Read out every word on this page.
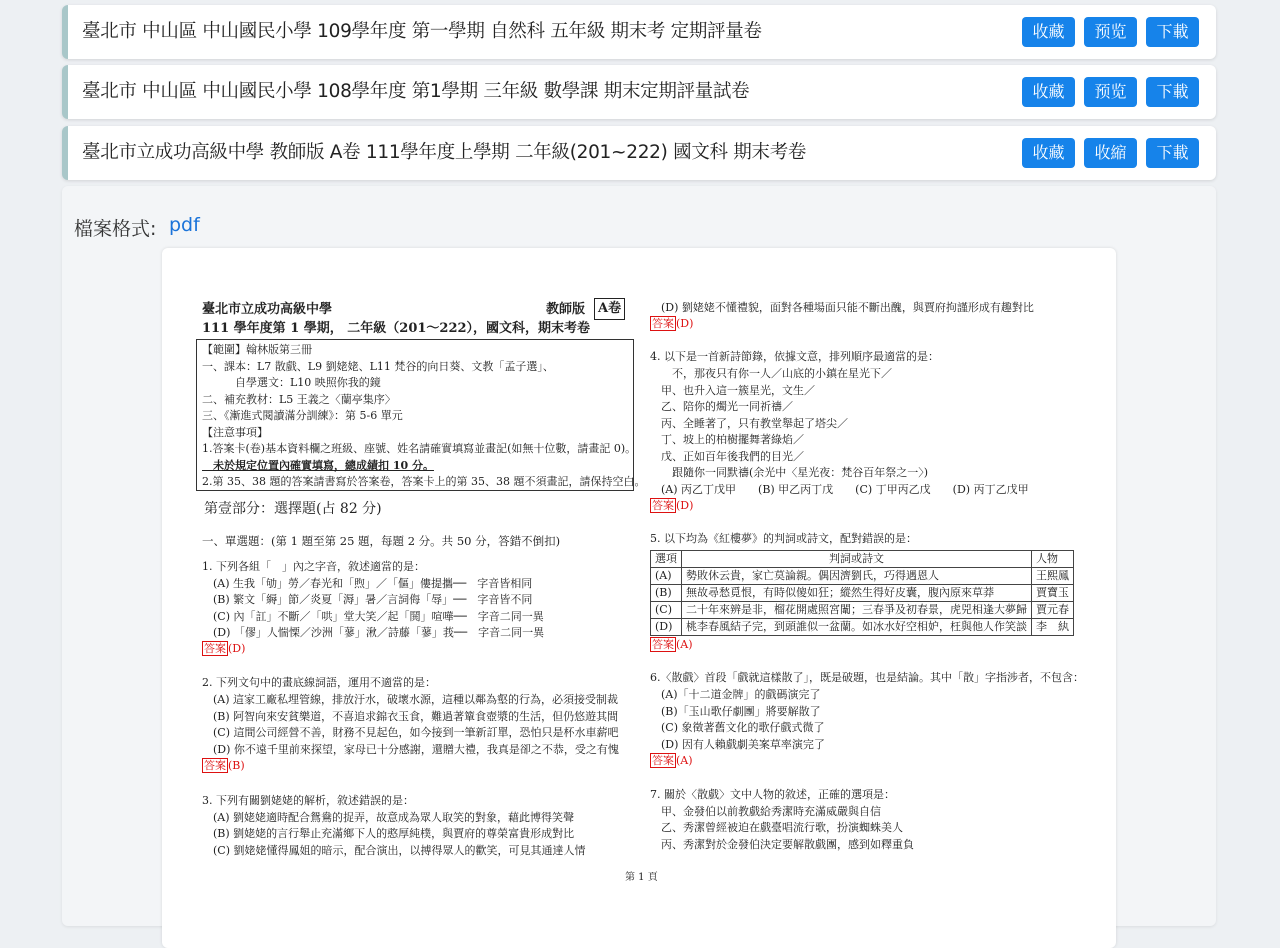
臺北市 中山區 中山國民小學 109學年度 第一學期 自然科 五年級 期末考 定期評量卷	收藏	预览	下載
臺北市 中山區 中山國民小學 108學年度 第1學期 三年級 數學課 期末定期評量試卷	收藏	预览	下載
臺北市立成功高級中學 教師版 A卷 111學年度上學期 二年級(201~222) 國文科 期末考卷	收藏	收縮	下載
檔案格式: pdf
臺北市立成功高級中學	教師版 A卷
111 學年度第 1 學期， 二年級（201～222），國文科，期末考卷
【範圍】翰林版第三冊
一、課本：L7 散戲、L9 劉姥姥、L11 梵谷的向日葵、文教「孟子選」、
　　　自學選文：L10 映照你我的鏡
二、補充教材：L5 王義之〈蘭亭集序〉
三、《漸進式閱讀滿分訓練》：第 5-6 單元
【注意事項】
1.答案卡(卷)基本資料欄之班級、座號、姓名請確實填寫並畫記(如無十位數，請畫記 0)。
　未於規定位置內確實填寫，總成績扣 10 分。
2.第 35、38 題的答案請書寫於答案卷，答案卡上的第 35、38 題不須畫記，請保持空白。
第壹部分：選擇題(占 82 分)
一、單選題：(第 1 題至第 25 題，每題 2 分。共 50 分，答錯不倒扣)
1. 下列各組「　」內之字音，敘述適當的是：
　(A) 生我「劬」勞／春光和「煦」／「傴」僂提攜──　字音皆相同
　(B) 繁文「縟」節／炎夏「溽」暑／言詞侮「辱」──　字音皆不同
　(C) 內「訌」不斷／「哄」堂大笑／起「鬨」喧嘩──　字音二同一異
　(D) 「僇」人惴慄／沙洲「蓼」湫／詩藤「蓼」莪──　字音二同一異
答案 (D)
2. 下列文句中的畫底線詞語，運用不適當的是：
　(A) 這家工廠私埋管線，排放汙水，破壞水源，這種以鄰為壑的行為，必須接受制裁
　(B) 阿智向來安貧樂道，不喜追求錦衣玉食，難過著簞食壺漿的生活，但仍悠遊其間
　(C) 這間公司經營不善，財務不見起色，如今接到一筆新訂單，恐怕只是杯水車薪吧
　(D) 你不遠千里前來探望，家母已十分感謝，還贈大禮，我真是卻之不恭，受之有愧
答案 (B)
3. 下列有關劉姥姥的解析，敘述錯誤的是：
　(A) 劉姥姥適時配合鴛鴦的捉弄，故意成為眾人取笑的對象，藉此博得笑聲
　(B) 劉姥姥的言行舉止充滿鄉下人的憨厚純樸，與賈府的尊榮富貴形成對比
　(C) 劉姥姥懂得鳳姐的暗示，配合演出，以搏得眾人的歡笑，可見其通達人情
　(D) 劉姥姥不懂禮貌，面對各種場面只能不斷出醜，與賈府拘謹形成有趣對比
答案 (D)
4. 以下是一首新詩節錄，依據文意，排列順序最適當的是：
　　不，那夜只有你一人／山底的小鎮在星光下／
　甲、也升入這一簇星光，文生／
　乙、陪你的燭光一同祈禱／
　丙、全睡著了，只有教堂舉起了塔尖／
　丁、坡上的柏樹擺舞著綠焰／
　戊、正如百年後我們的目光／
　　跟隨你一同默禱(余光中〈星光夜：梵谷百年祭之一〉)
　(A) 丙乙丁戊甲　　(B) 甲乙丙丁戊　　(C) 丁甲丙乙戊　　(D) 丙丁乙戊甲
答案 (D)
5. 以下均為《紅樓夢》的判詞或詩文，配對錯誤的是：
選項	判詞或詩文	人物
(A)	勢敗休云貴，家亡莫論親。偶因濟劉氏，巧得遇恩人	王熙鳳
(B)	無故尋愁覓恨，有時似傻如狂；縱然生得好皮囊，腹內原來草莽	賈寶玉
(C)	二十年來辨是非，榴花開處照宮闈；三春爭及初春景，虎兕相逢大夢歸	賈元春
(D)	桃李春風結子完，到頭誰似一盆蘭。如冰水好空相妒，枉與他人作笑談	李　紈
答案 (A)
6.〈散戲〉首段「戲就這樣散了」，既是破題，也是結論。其中「散」字指涉者，不包含：
　(A)「十二道金牌」的戲碼演完了
　(B)「玉山歌仔劇團」將要解散了
　(C) 象徵著舊文化的歌仔戲式微了
　(D) 因有人賴戲劇美案草率演完了
答案 (A)
7. 關於〈散戲〉文中人物的敘述，正確的選項是：
　甲、金發伯以前教戲給秀潔時充滿威嚴與自信
　乙、秀潔曾經被迫在戲臺唱流行歌，扮演蜘蛛美人
　丙、秀潔對於金發伯決定要解散戲團，感到如釋重負
第 1 頁
